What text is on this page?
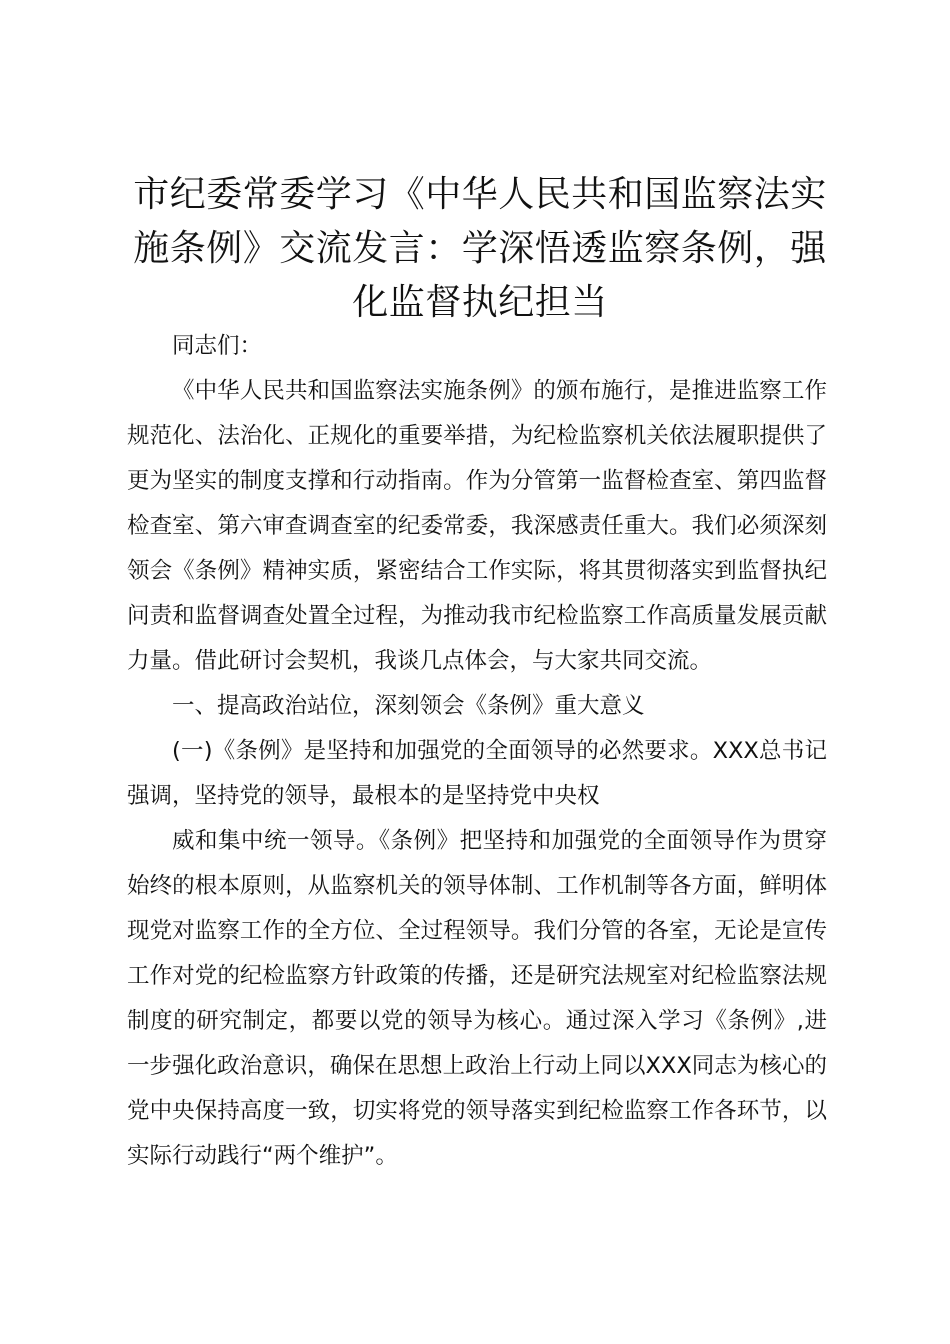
市纪委常委学习《中华人民共和国监察法实施条例》交流发言：学深悟透监察条例，强化监督执纪担当

同志们：

《中华人民共和国监察法实施条例》的颁布施行，是推进监察工作规范化、法治化、正规化的重要举措，为纪检监察机关依法履职提供了更为坚实的制度支撑和行动指南。作为分管第一监督检查室、第四监督检查室、第六审查调查室的纪委常委，我深感责任重大。我们必须深刻领会《条例》精神实质，紧密结合工作实际，将其贯彻落实到监督执纪问责和监督调查处置全过程，为推动我市纪检监察工作高质量发展贡献力量。借此研讨会契机，我谈几点体会，与大家共同交流。

一、提高政治站位，深刻领会《条例》重大意义

(一)《条例》是坚持和加强党的全面领导的必然要求。XXX总书记强调，坚持党的领导，最根本的是坚持党中央权

威和集中统一领导。《条例》把坚持和加强党的全面领导作为贯穿始终的根本原则，从监察机关的领导体制、工作机制等各方面，鲜明体现党对监察工作的全方位、全过程领导。我们分管的各室，无论是宣传工作对党的纪检监察方针政策的传播，还是研究法规室对纪检监察法规制度的研究制定，都要以党的领导为核心。通过深入学习《条例》,进一步强化政治意识，确保在思想上政治上行动上同以XXX同志为核心的党中央保持高度一致，切实将党的领导落实到纪检监察工作各环节，以实际行动践行“两个维护”。
